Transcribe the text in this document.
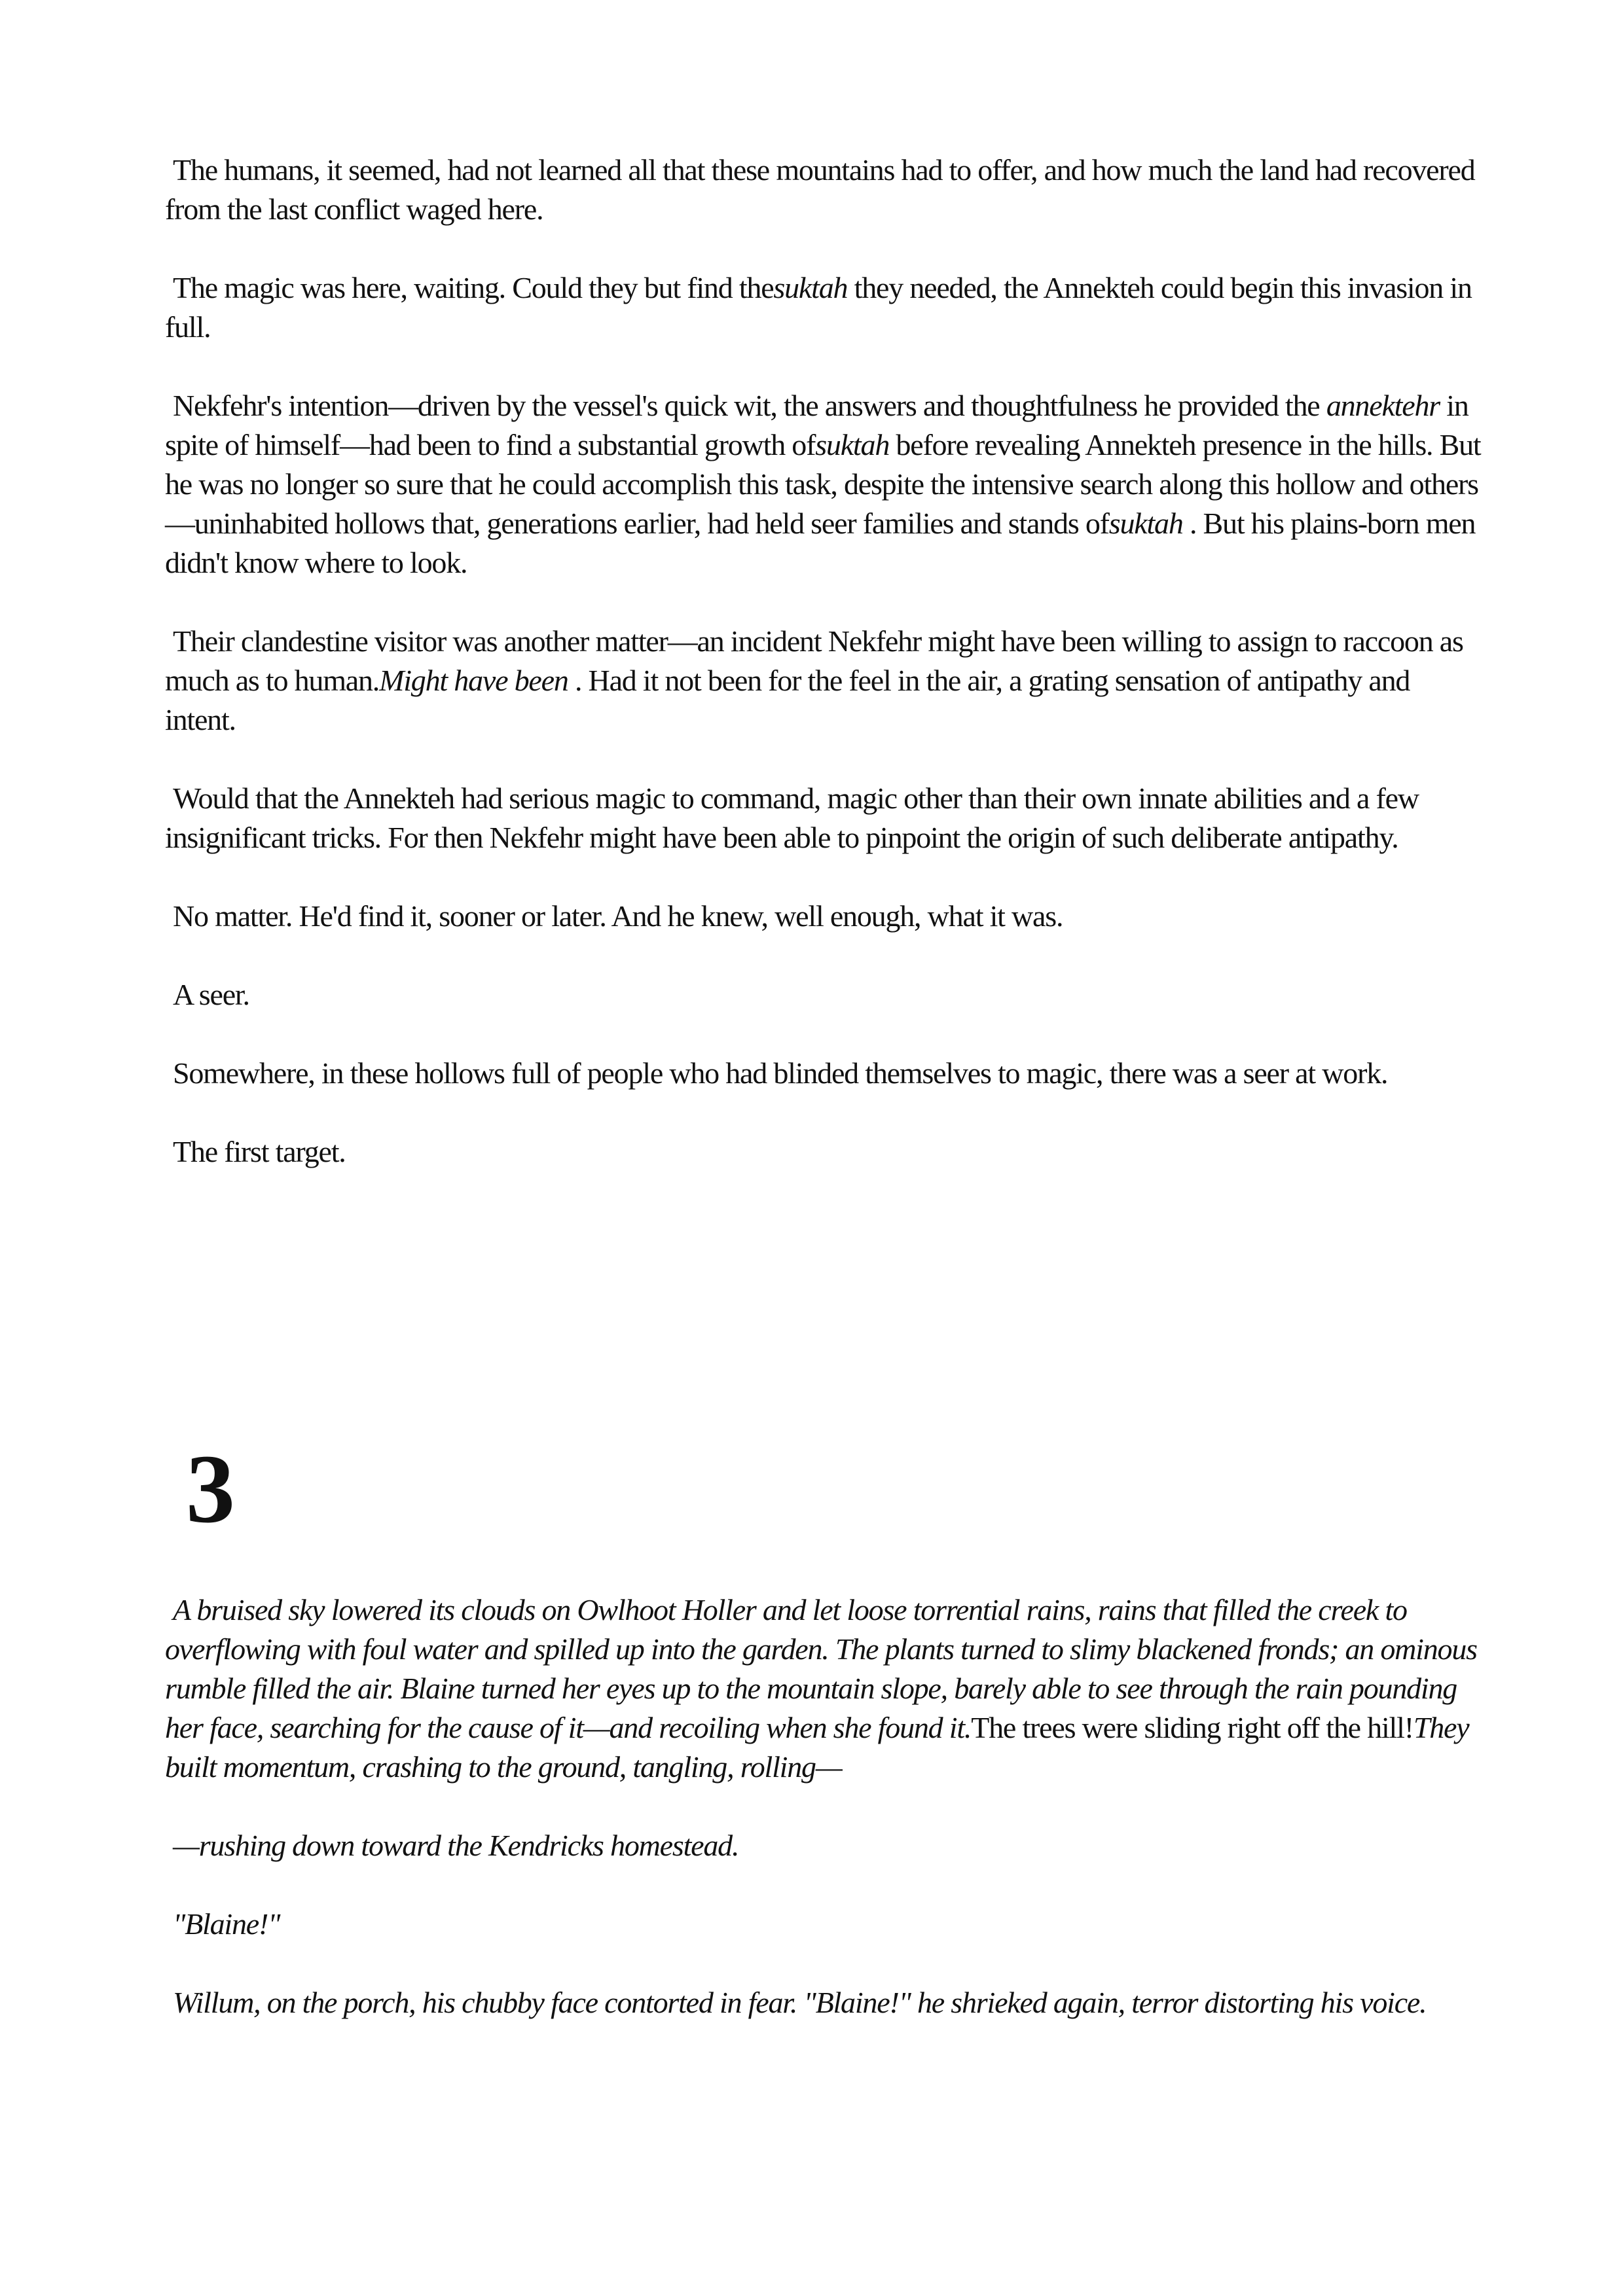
The humans, it seemed, had not learned all that these mountains had to offer, and how much the land had recovered from the last conflict waged here.

The magic was here, waiting. Could they but find thesuktah they needed, the Annekteh could begin this invasion in full.

Nekfehr's intention—driven by the vessel's quick wit, the answers and thoughtfulness he provided the annektehr in spite of himself—had been to find a substantial growth ofsuktah before revealing Annekteh presence in the hills. But he was no longer so sure that he could accomplish this task, despite the intensive search along this hollow and others—uninhabited hollows that, generations earlier, had held seer families and stands ofsuktah . But his plains-born men didn't know where to look.

Their clandestine visitor was another matter—an incident Nekfehr might have been willing to assign to raccoon as much as to human.Might have been . Had it not been for the feel in the air, a grating sensation of antipathy and intent.

Would that the Annekteh had serious magic to command, magic other than their own innate abilities and a few insignificant tricks. For then Nekfehr might have been able to pinpoint the origin of such deliberate antipathy.

No matter. He'd find it, sooner or later. And he knew, well enough, what it was.

A seer.

Somewhere, in these hollows full of people who had blinded themselves to magic, there was a seer at work.

The first target.

3

A bruised sky lowered its clouds on Owlhoot Holler and let loose torrential rains, rains that filled the creek to overflowing with foul water and spilled up into the garden. The plants turned to slimy blackened fronds; an ominous rumble filled the air. Blaine turned her eyes up to the mountain slope, barely able to see through the rain pounding her face, searching for the cause of it—and recoiling when she found it.The trees were sliding right off the hill!They built momentum, crashing to the ground, tangling, rolling—

—rushing down toward the Kendricks homestead.

"Blaine!"

Willum, on the porch, his chubby face contorted in fear. "Blaine!" he shrieked again, terror distorting his voice.
